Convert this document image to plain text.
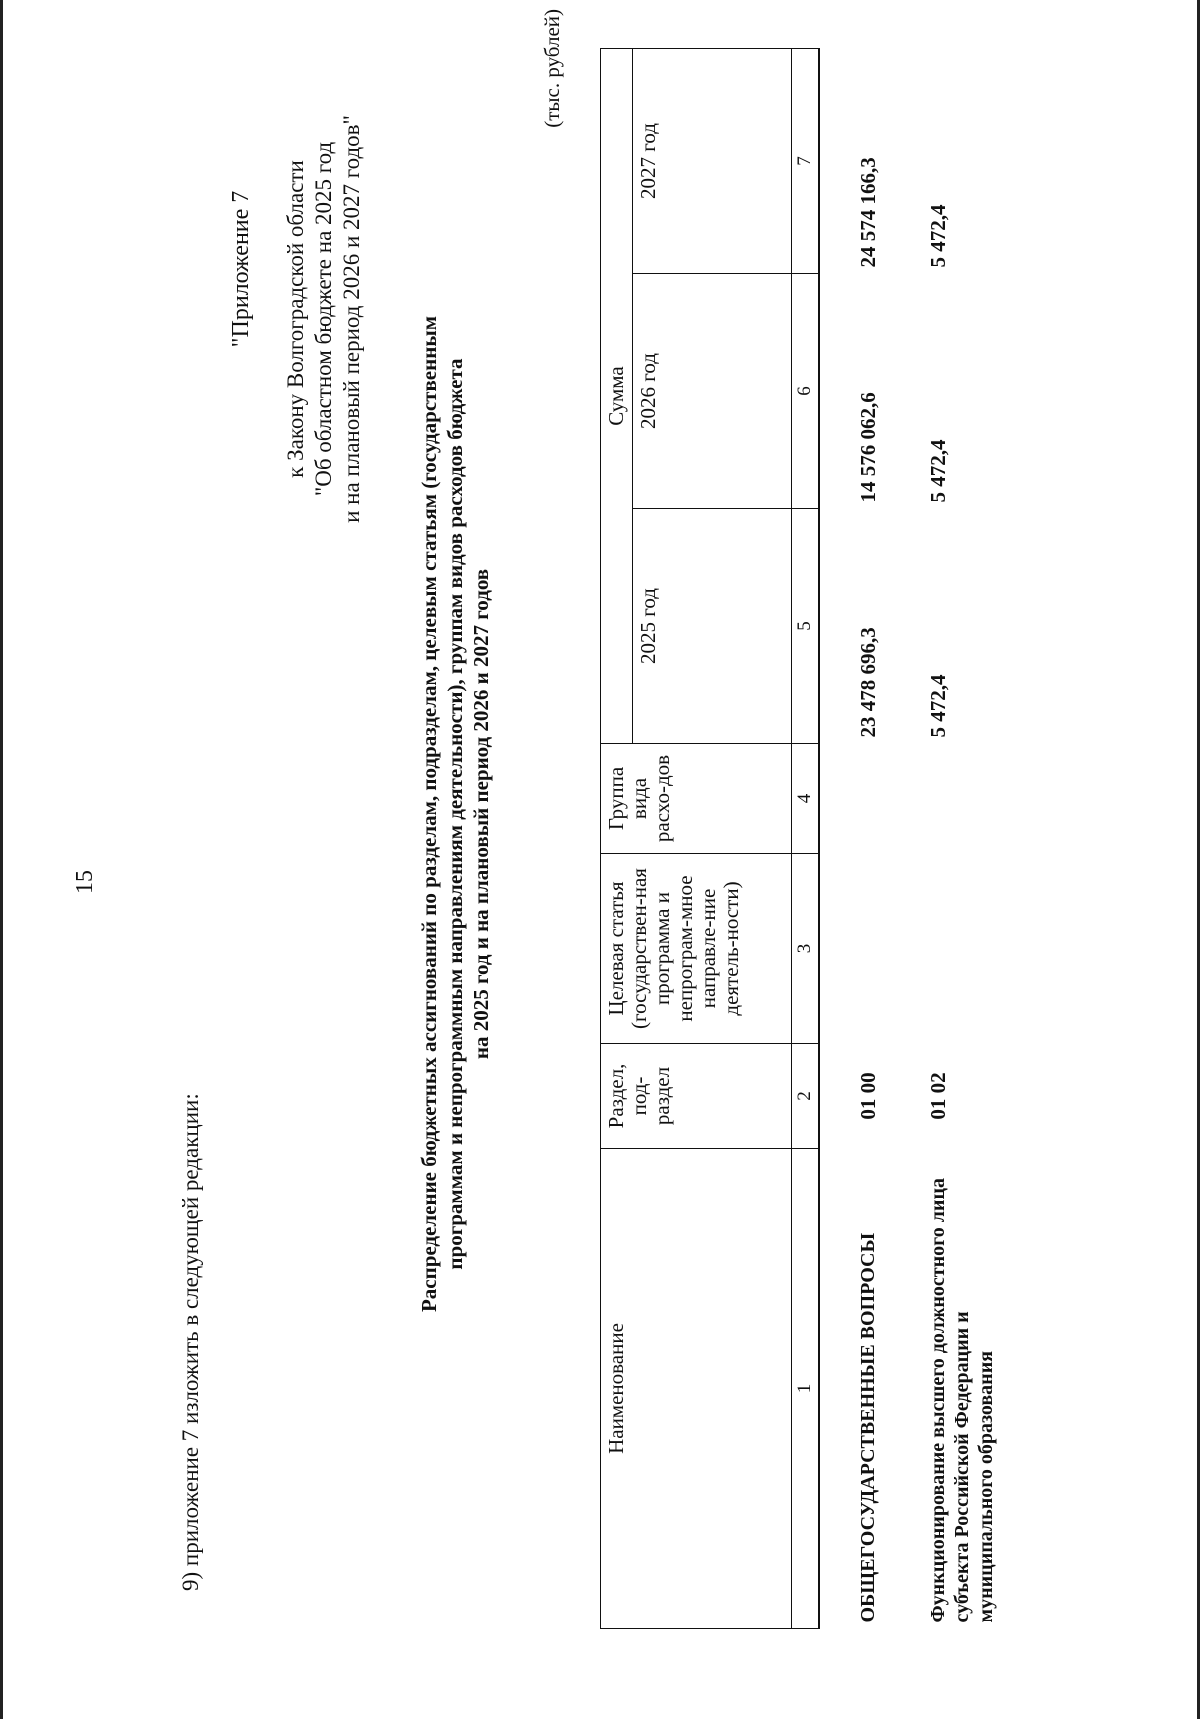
15
9) приложение 7 изложить в следующей редакции:
"Приложение 7 к Закону Волгоградской области "Об областном бюджете на 2025 год и на плановый период 2026 и 2027 годов"	Распределение бюджетных ассигнований по разделам, подразделам, целевым статьям (государственным программам и непрограммным направлениям деятельности), группам видов расходов бюджета на 2025 год и на плановый период 2026 и 2027 годов
(тыс. рублей)
Наименование	Раздел, под-раздел	Целевая статья (государствен-ная программа и непрограм-мное направле-ние деятель-ности)	Группа вида расхо-дов	Сумма		
				2025 год	2026 год	2027 год
1	2	3	4	5	6	7

ОБЩЕГОСУДАРСТВЕННЫЕ ВОПРОСЫ	01 00			23 478 696,3	14 576 062,6	24 574 166,3

Функционирование высшего должностного лица субъекта Российской Федерации и муниципального образования	01 02			5 472,4	5 472,4	5 472,4
